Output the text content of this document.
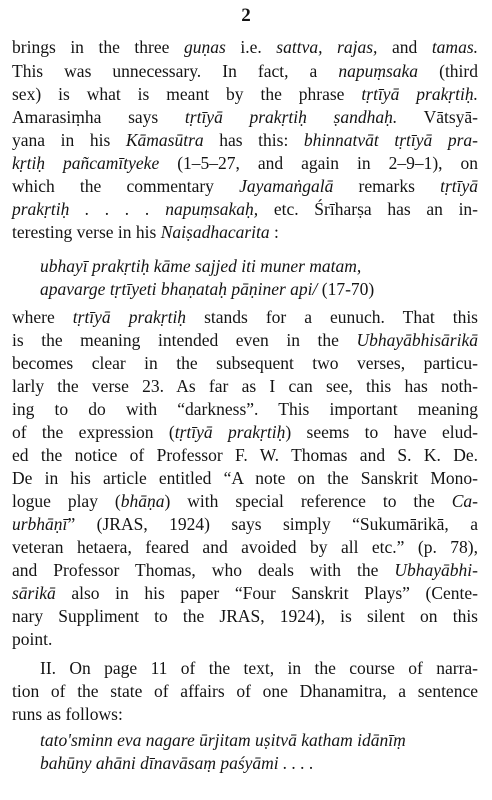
2
brings in the three guṇas i.e. sattva, rajas, and tamas.
This was unnecessary. In fact, a napuṃsaka (third
sex) is what is meant by the phrase tṛtīyā prakṛtiḥ.
Amarasiṃha says tṛtīyā prakṛtiḥ ṣandhaḥ. Vātsyā-
yana in his Kāmasūtra has this: bhinnatvāt tṛtīyā pra-
kṛtiḥ pañcamītyeke (1–5–27, and again in 2–9–1), on
which the commentary Jayamaṅgalā remarks tṛtīyā
prakṛtiḥ . . . . napuṃsakaḥ, etc. Śrīharṣa has an in-
teresting verse in his Naiṣadhacarita :
ubhayī prakṛtiḥ kāme sajjed iti muner matam,
apavarge tṛtīyeti bhaṇataḥ pāṇiner api/ (17-70)
where tṛtīyā prakṛtiḥ stands for a eunuch. That this
is the meaning intended even in the Ubhayābhisārikā
becomes clear in the subsequent two verses, particu-
larly the verse 23. As far as I can see, this has noth-
ing to do with “darkness”. This important meaning
of the expression (tṛtīyā prakṛtiḥ) seems to have elud-
ed the notice of Professor F. W. Thomas and S. K. De.
De in his article entitled “A note on the Sanskrit Mono-
logue play (bhāṇa) with special reference to the Ca-
urbhāṇī” (JRAS, 1924) says simply “Sukumārikā, a
veteran hetaera, feared and avoided by all etc.” (p. 78),
and Professor Thomas, who deals with the Ubhayābhi-
sārikā also in his paper “Four Sanskrit Plays” (Cente-
nary Suppliment to the JRAS, 1924), is silent on this
point.
II. On page 11 of the text, in the course of narra-
tion of the state of affairs of one Dhanamitra, a sentence
runs as follows:
tato'sminn eva nagare ūrjitam uṣitvā katham idānīṃ
bahūny ahāni dīnavāsaṃ paśyāmi . . . .
